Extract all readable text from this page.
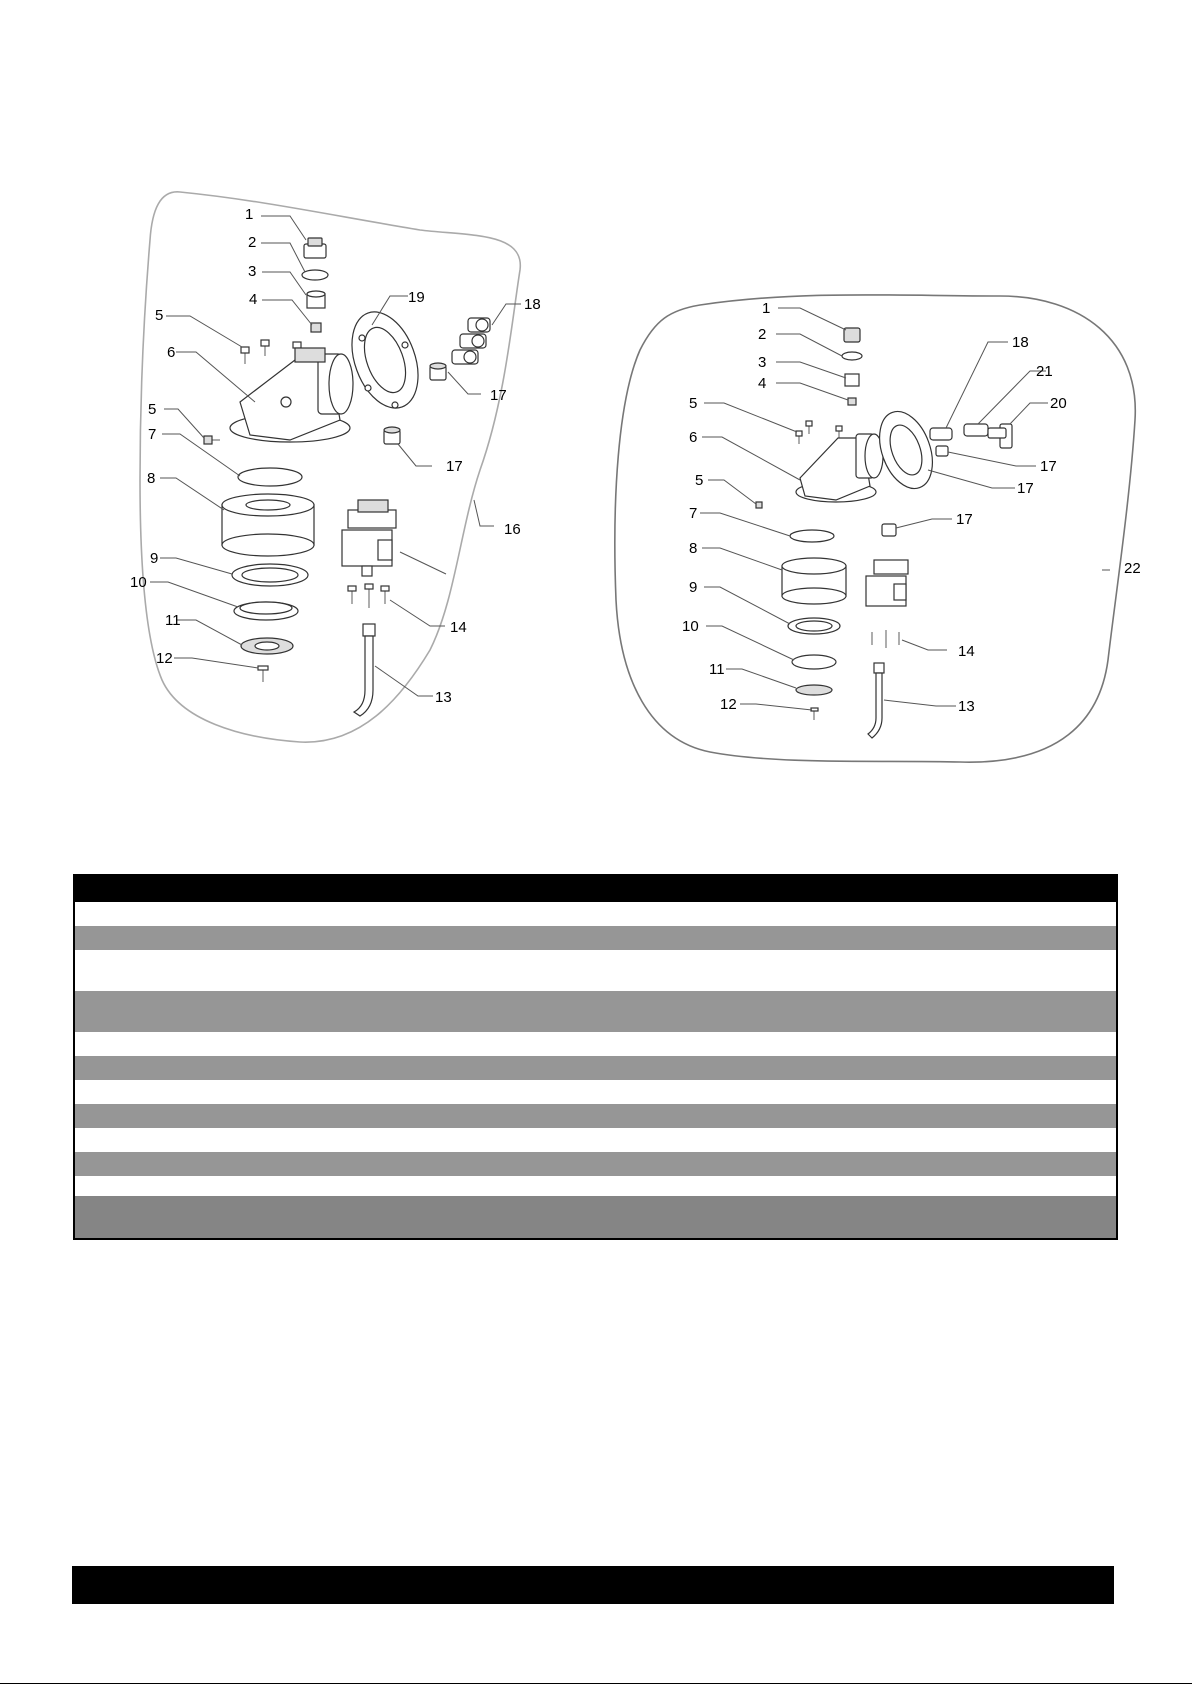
1
2
3
4
5
6
5
7
8
9
10
11
12
13
14
16
17
17
18
19
1
2
3
4
5
6
5
7
8
9
10
11
12	13
14
17
17
17
18
20
21
22
